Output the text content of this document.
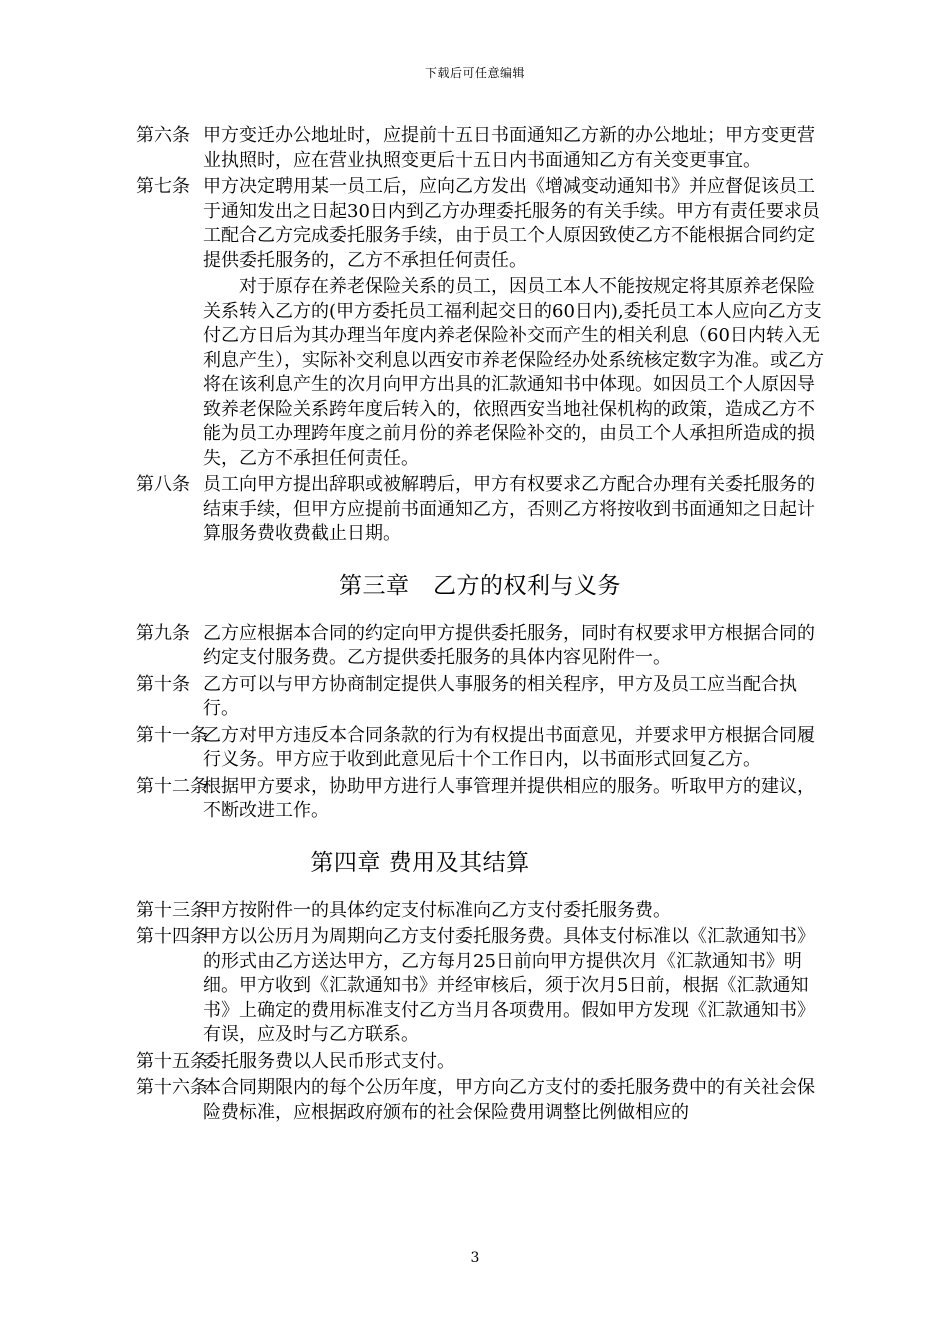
下载后可任意编辑
第六条 甲方变迁办公地址时，应提前十五日书面通知乙方新的办公地址；甲方变更营业执照时，应在营业执照变更后十五日内书面通知乙方有关变更事宜。
第七条 甲方决定聘用某一员工后，应向乙方发出《增减变动通知书》并应督促该员工于通知发出之日起30日内到乙方办理委托服务的有关手续。甲方有责任要求员工配合乙方完成委托服务手续，由于员工个人原因致使乙方不能根据合同约定提供委托服务的，乙方不承担任何责任。
对于原存在养老保险关系的员工，因员工本人不能按规定将其原养老保险关系转入乙方的(甲方委托员工福利起交日的60日内),委托员工本人应向乙方支付乙方日后为其办理当年度内养老保险补交而产生的相关利息（60日内转入无利息产生），实际补交利息以西安市养老保险经办处系统核定数字为准。或乙方将在该利息产生的次月向甲方出具的汇款通知书中体现。如因员工个人原因导致养老保险关系跨年度后转入的，依照西安当地社保机构的政策，造成乙方不能为员工办理跨年度之前月份的养老保险补交的，由员工个人承担所造成的损失，乙方不承担任何责任。
第八条 员工向甲方提出辞职或被解聘后，甲方有权要求乙方配合办理有关委托服务的结束手续，但甲方应提前书面通知乙方，否则乙方将按收到书面通知之日起计算服务费收费截止日期。
第三章　乙方的权利与义务
第九条 乙方应根据本合同的约定向甲方提供委托服务，同时有权要求甲方根据合同的约定支付服务费。乙方提供委托服务的具体内容见附件一。
第十条 乙方可以与甲方协商制定提供人事服务的相关程序，甲方及员工应当配合执行。
第十一条
乙方对甲方违反本合同条款的行为有权提出书面意见，并要求甲方根据合同履行义务。甲方应于收到此意见后十个工作日内，以书面形式回复乙方。
第十二条
根据甲方要求，协助甲方进行人事管理并提供相应的服务。听取甲方的建议，不断改进工作。
第四章 费用及其结算
第十三条
甲方按附件一的具体约定支付标准向乙方支付委托服务费。
第十四条
甲方以公历月为周期向乙方支付委托服务费。具体支付标准以《汇款通知书》的形式由乙方送达甲方，乙方每月25日前向甲方提供次月《汇款通知书》明细。甲方收到《汇款通知书》并经审核后，须于次月5日前，根据《汇款通知书》上确定的费用标准支付乙方当月各项费用。假如甲方发现《汇款通知书》有误，应及时与乙方联系。
第十五条
委托服务费以人民币形式支付。
第十六条
本合同期限内的每个公历年度，甲方向乙方支付的委托服务费中的有关社会保险费标准，应根据政府颁布的社会保险费用调整比例做相应的
3
